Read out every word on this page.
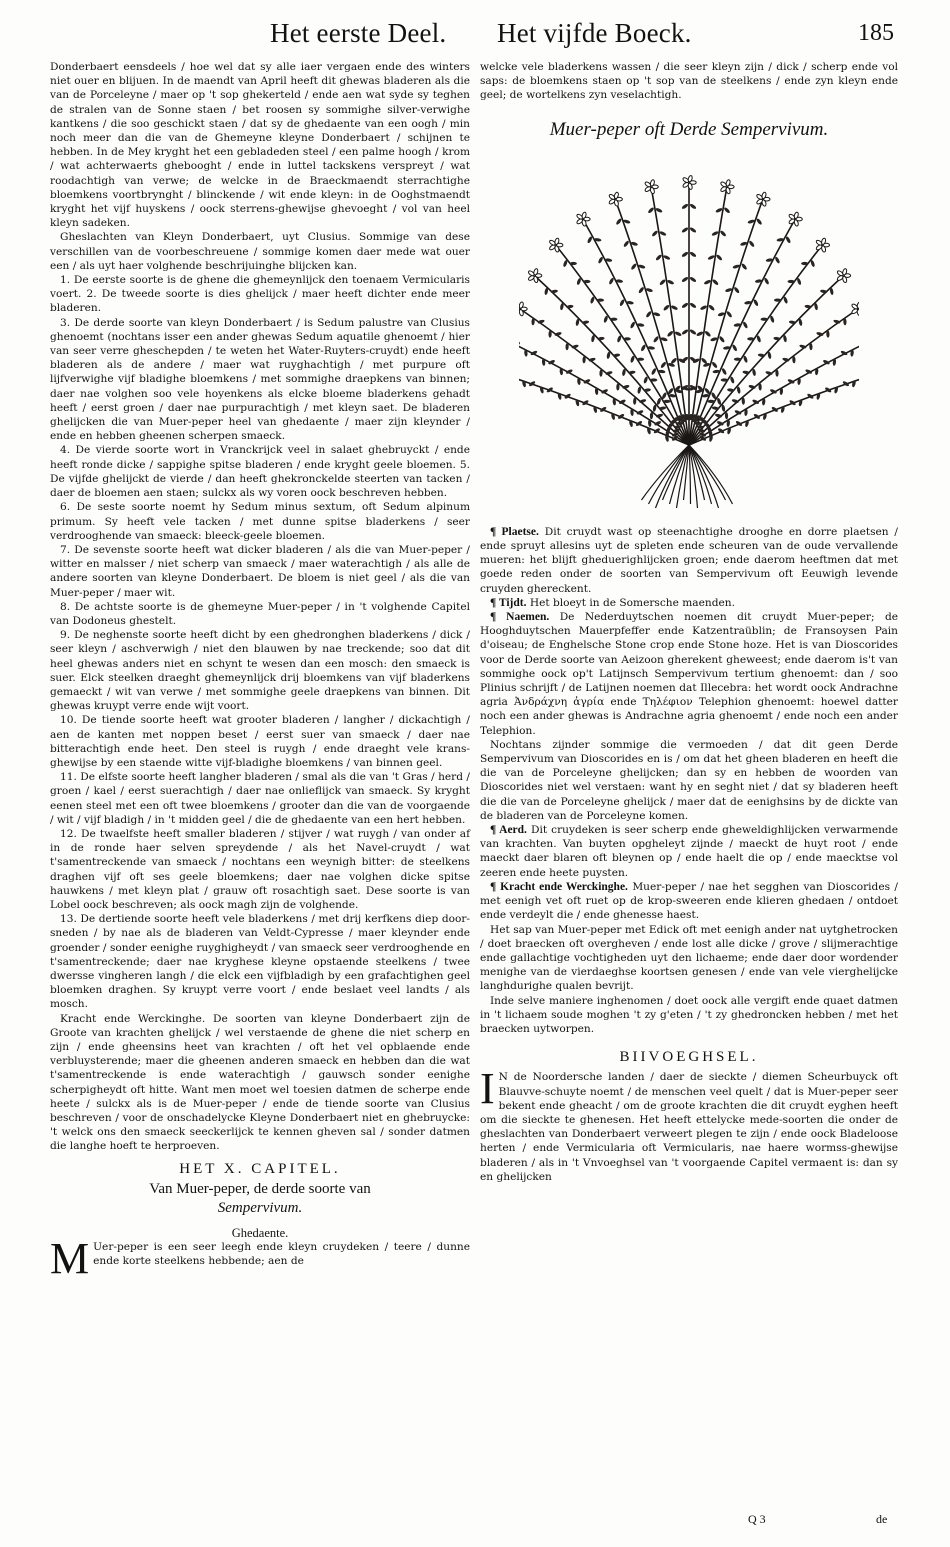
Het eerste Deel. Het vijfde Boeck.	185

Donderbaert eensdeels / hoe wel dat sy alle iaer vergaen ende des winters niet ouer en blijuen. In de maendt van April heeft dit ghewas bladeren als die van de Porceleyne / maer op 't sop ghekerteld / ende aen wat syde sy teghen de stralen van de Sonne staen / bet roosen sy sommighe silver-verwighe kantkens / die soo geschickt staen / dat sy de ghedaente van een oogh / min noch meer dan die van de Ghemeyne kleyne Donderbaert / schijnen te hebben. In de Mey kryght het een gebladeden steel / een palme hoogh / krom / wat achterwaerts ghebooght / ende in luttel tackskens verspreyt / wat roodachtigh van verwe; de welcke in de Braeckmaendt sterrachtighe bloemkens voortbrynght / blinckende / wit ende kleyn: in de Ooghstmaendt kryght het vijf huyskens / oock sterrens-ghewijse ghevoeght / vol van heel kleyn sadeken.

Gheslachten van Kleyn Donderbaert, uyt Clusius. Sommige van dese verschillen van de voorbeschreuene / sommige komen daer mede wat ouer een / als uyt haer volghende beschrijuinghe blijcken kan.

1. De eerste soorte is de ghene die ghemeynlijck den toenaem Vermicularis voert. 2. De tweede soorte is dies ghelijck / maer heeft dichter ende meer bladeren.

3. De derde soorte van kleyn Donderbaert / is Sedum palustre van Clusius ghenoemt (nochtans isser een ander ghewas Sedum aquatile ghenoemt / hier van seer verre gheschepden / te weten het Water-Ruyters-cruydt) ende heeft bladeren als de andere / maer wat ruyghachtigh / met purpure oft lijfverwighe vijf bladighe bloemkens / met sommighe draepkens van binnen; daer nae volghen soo vele hoyenkens als elcke bloeme bladerkens gehadt heeft / eerst groen / daer nae purpurachtigh / met kleyn saet. De bladeren ghelijcken die van Muer-peper heel van ghedaente / maer zijn kleynder / ende en hebben gheenen scherpen smaeck.

4. De vierde soorte wort in Vranckrijck veel in salaet ghebruyckt / ende heeft ronde dicke / sappighe spitse bladeren / ende kryght geele bloemen. 5. De vijfde ghelijckt de vierde / dan heeft ghekronckelde steerten van tacken / daer de bloemen aen staen; sulckx als wy voren oock beschreven hebben.

6. De seste soorte noemt hy Sedum minus sextum, oft Sedum alpinum primum. Sy heeft vele tacken / met dunne spitse bladerkens / seer verdrooghende van smaeck: bleeck-geele bloemen.

7. De sevenste soorte heeft wat dicker bladeren / als die van Muer-peper / witter en malsser / niet scherp van smaeck / maer waterachtigh / als alle de andere soorten van kleyne Donderbaert. De bloem is niet geel / als die van Muer-peper / maer wit.

8. De achtste soorte is de ghemeyne Muer-peper / in 't volghende Capitel van Dodoneus ghestelt.

9. De neghenste soorte heeft dicht by een ghedronghen bladerkens / dick / seer kleyn / aschverwigh / niet den blauwen by nae treckende; soo dat dit heel ghewas anders niet en schynt te wesen dan een mosch: den smaeck is suer. Elck steelken draeght ghemeynlijck drij bloemkens van vijf bladerkens gemaeckt / wit van verwe / met sommighe geele draepkens van binnen. Dit ghewas kruypt verre ende wijt voort.

10. De tiende soorte heeft wat grooter bladeren / langher / dickachtigh / aen de kanten met noppen beset / eerst suer van smaeck / daer nae bitterachtigh ende heet. Den steel is ruygh / ende draeght vele krans-ghewijse by een staende witte vijf-bladighe bloemkens / van binnen geel.

11. De elfste soorte heeft langher bladeren / smal als die van 't Gras / herd / groen / kael / eerst suerachtigh / daer nae onlieflijck van smaeck. Sy kryght eenen steel met een oft twee bloemkens / grooter dan die van de voorgaende / wit / vijf bladigh / in 't midden geel / die de ghedaente van een hert hebben.

12. De twaelfste heeft smaller bladeren / stijver / wat ruygh / van onder af in de ronde haer selven spreydende / als het Navel-cruydt / wat t'samentreckende van smaeck / nochtans een weynigh bitter: de steelkens draghen vijf oft ses geele bloemkens; daer nae volghen dicke spitse hauwkens / met kleyn plat / grauw oft rosachtigh saet. Dese soorte is van Lobel oock beschreven; als oock magh zijn de volghende.

13. De dertiende soorte heeft vele bladerkens / met drij kerfkens diep door-sneden / by nae als de bladeren van Veldt-Cypresse / maer kleynder ende groender / sonder eenighe ruyghigheydt / van smaeck seer verdrooghende en t'samentreckende; daer nae kryghese kleyne opstaende steelkens / twee dwersse vingheren langh / die elck een vijfbladigh by een grafachtighen geel bloemken draghen. Sy kruypt verre voort / ende beslaet veel landts / als mosch.

Kracht ende Werckinghe. De soorten van kleyne Donderbaert zijn de Groote van krachten ghelijck / wel verstaende de ghene die niet scherp en zijn / ende gheensins heet van krachten / oft het vel opblaende ende verbluysterende; maer die gheenen anderen smaeck en hebben dan die wat t'samentreckende is ende waterachtigh / gauwsch sonder eenighe scherpigheydt oft hitte. Want men moet wel toesien datmen de scherpe ende heete / sulckx als is de Muer-peper / ende de tiende soorte van Clusius beschreven / voor de onschadelycke Kleyne Donderbaert niet en ghebruycke: 't welck ons den smaeck seeckerlijck te kennen gheven sal / sonder datmen die langhe hoeft te herproeven.

HET X. CAPITEL.
Van Muer-peper, de derde soorte van
Sempervivum.
Ghedaente.

M Uer-peper is een seer leegh ende kleyn cruydeken / teere / dunne ende korte steelkens hebbende; aen de

welcke vele bladerkens wassen / die seer kleyn zijn / dick / scherp ende vol saps: de bloemkens staen op 't sop van de steelkens / ende zyn kleyn ende geel; de wortelkens zyn veselachtigh.

Muer-peper oft Derde Sempervivum.

¶ Plaetse. Dit cruydt wast op steenachtighe drooghe en dorre plaetsen / ende spruyt allesins uyt de spleten ende scheuren van de oude vervallende mueren: het blijft gheduerighlijcken groen; ende daerom heeftmen dat met goede reden onder de soorten van Sempervivum oft Eeuwigh levende cruyden ghereckent.

¶ Tijdt. Het bloeyt in de Somersche maenden.

¶ Naemen. De Nederduytschen noemen dit cruydt Muer-peper; de Hooghduytschen Mauerpfeffer ende Katzentraüblin; de Fransoysen Pain d'oiseau; de Enghelsche Stone crop ende Stone hoze. Het is van Dioscorides voor de Derde soorte van Aeizoon gherekent gheweest; ende daerom is't van sommighe oock op't Latijnsch Sempervivum tertium ghenoemt: dan / soo Plinius schrijft / de Latijnen noemen dat Illecebra: het wordt oock Andrachne agria Ἀνδράχνη ἀγρία ende Τηλέφιον Telephion ghenoemt: hoewel datter noch een ander ghewas is Andrachne agria ghenoemt / ende noch een ander Telephion.

Nochtans zijnder sommige die vermoeden / dat dit geen Derde Sempervivum van Dioscorides en is / om dat het gheen bladeren en heeft die die van de Porceleyne ghelijcken; dan sy en hebben de woorden van Dioscorides niet wel verstaen: want hy en seght niet / dat sy bladeren heeft die die van de Porceleyne ghelijck / maer dat de eenighsins by de dickte van de bladeren van de Porceleyne komen.

¶ Aerd. Dit cruydeken is seer scherp ende gheweldighlijcken verwarmende van krachten. Van buyten opgheleyt zijnde / maeckt de huyt root / ende maeckt daer blaren oft bleynen op / ende haelt die op / ende maecktse vol zeeren ende heete puysten.

¶ Kracht ende Werckinghe. Muer-peper / nae het segghen van Dioscorides / met eenigh vet oft ruet op de krop-sweeren ende klieren ghedaen / ontdoet ende verdeylt die / ende ghenesse haest.

Het sap van Muer-peper met Edick oft met eenigh ander nat uytghetrocken / doet braecken oft overgheven / ende lost alle dicke / grove / slijmerachtige ende gallachtige vochtigheden uyt den lichaeme; ende daer door wordender menighe van de vierdaeghse koortsen genesen / ende van vele vierghelijcke langhdurighe qualen bevrijt.

Inde selve maniere inghenomen / doet oock alle vergift ende quaet datmen in 't lichaem soude moghen 't zy g'eten / 't zy ghedroncken hebben / met het braecken uytworpen.

BIIVOEGHSEL.

I N de Noordersche landen / daer de sieckte / diemen Scheurbuyck oft Blauvve-schuyte noemt / de menschen veel quelt / dat is Muer-peper seer bekent ende gheacht / om de groote krachten die dit cruydt eyghen heeft om die sieckte te ghenesen. Het heeft ettelycke mede-soorten die onder de gheslachten van Donderbaert verweert plegen te zijn / ende oock Bladeloose herten / ende Vermicularia oft Vermicularis, nae haere wormss-ghewijse bladeren / als in 't Vnvoeghsel van 't voorgaende Capitel vermaent is: dan sy en ghelijcken

Q 3	de
